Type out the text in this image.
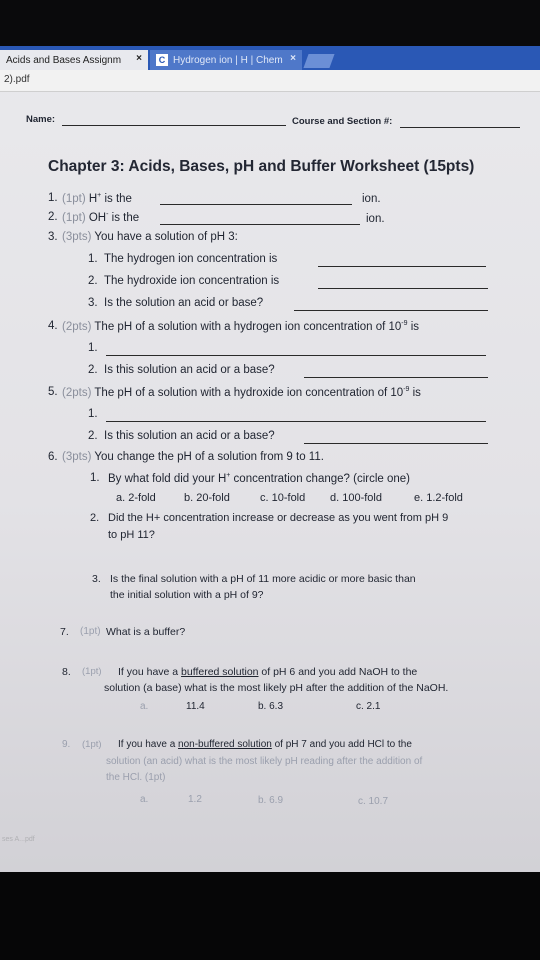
Acids and Bases Assignm ×	C Hydrogen ion | H | Chem ×
2).pdf
Name:	Course and Section #:
Chapter 3: Acids, Bases, pH and Buffer Worksheet (15pts)
1. (1pt) H+ is the	ion.
2. (1pt) OH- is the	ion.
3. (3pts) You have a solution of pH 3:
1. The hydrogen ion concentration is
2. The hydroxide ion concentration is
3. Is the solution an acid or base?
4. (2pts) The pH of a solution with a hydrogen ion concentration of $10^{-9}$ is
1.
2. Is this solution an acid or a base?
5. (2pts) The pH of a solution with a hydroxide ion concentration of $10^{-9}$ is
1.
2. Is this solution an acid or a base?
6. (3pts) You change the pH of a solution from 9 to 11.
1. By what fold did your H+ concentration change? (circle one)
a. 2-fold	b. 20-fold	c. 10-fold d. 100-fold	e. 1.2-fold
2. Did the H+ concentration increase or decrease as you went from pH 9
to pH 11?
3. Is the final solution with a pH of 11 more acidic or more basic than
the initial solution with a pH of 9?
7. (1pt) What is a buffer?
8. (1pt) If you have a buffered solution of pH 6 and you add NaOH to the
solution (a base) what is the most likely pH after the addition of the NaOH.
a.	11.4	b. 6.3	c. 2.1
9. (1pt) If you have a non-buffered solution of pH 7 and you add HCl to the
solution (an acid) what is the most likely pH reading after the addition of
the HCl. (1pt)
a.	1.2	b. 6.9	c. 10.7
ses A...pdf
